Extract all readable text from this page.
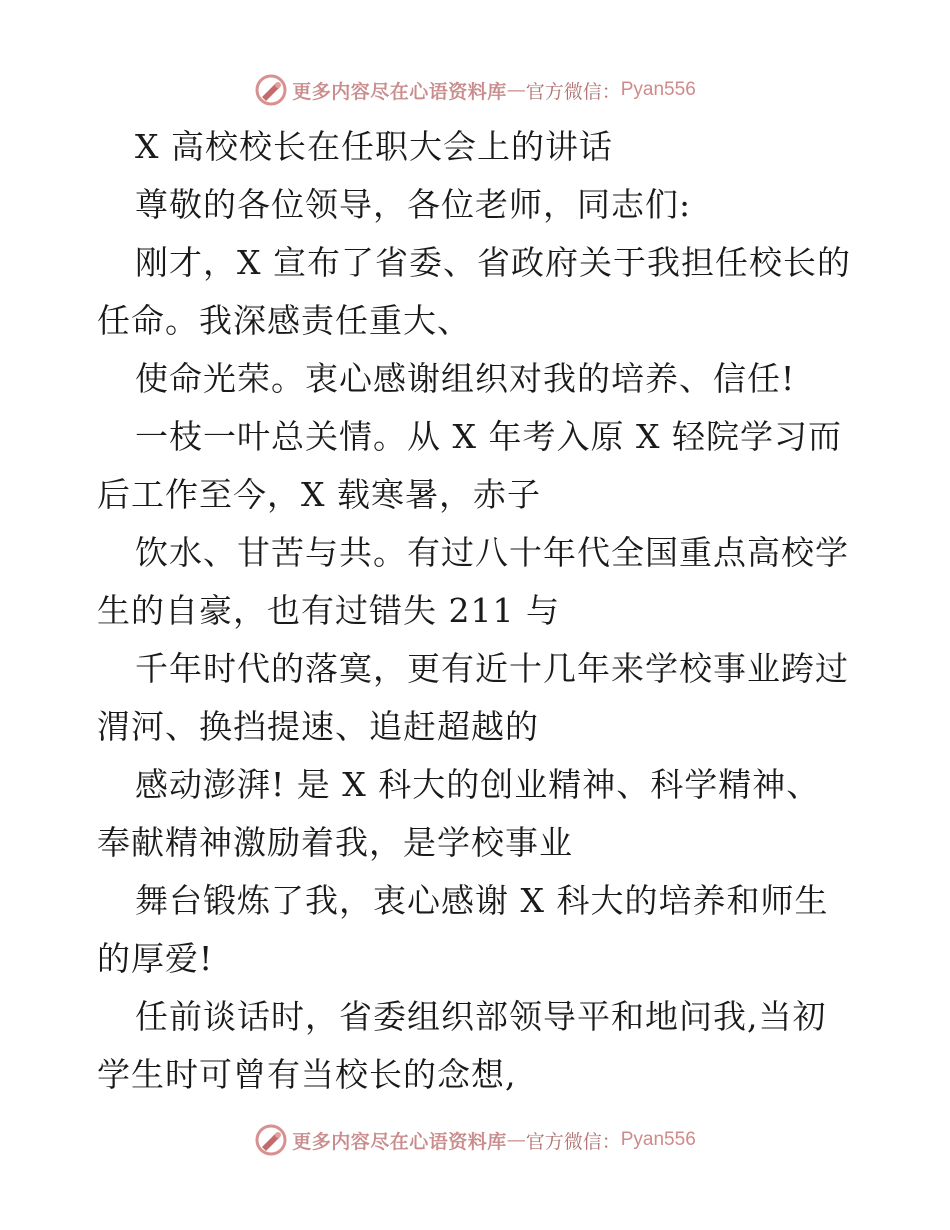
更多内容尽在心语资料库 — 官方微信： Pyan556
X 高校校长在任职大会上的讲话
尊敬的各位领导，各位老师，同志们:
刚才，X 宣布了省委、省政府关于我担任校长的
任命。我深感责任重大、
使命光荣。衷心感谢组织对我的培养、信任!
一枝一叶总关情。从 X 年考入原 X 轻院学习而
后工作至今，X 载寒暑，赤子
饮水、甘苦与共。有过八十年代全国重点高校学
生的自豪，也有过错失 211 与
千年时代的落寞，更有近十几年来学校事业跨过
渭河、换挡提速、追赶超越的
感动澎湃! 是 X 科大的创业精神、科学精神、
奉献精神激励着我，是学校事业
舞台锻炼了我，衷心感谢 X 科大的培养和师生
的厚爱!
任前谈话时，省委组织部领导平和地问我,当初
学生时可曾有当校长的念想,
更多内容尽在心语资料库 — 官方微信： Pyan556
